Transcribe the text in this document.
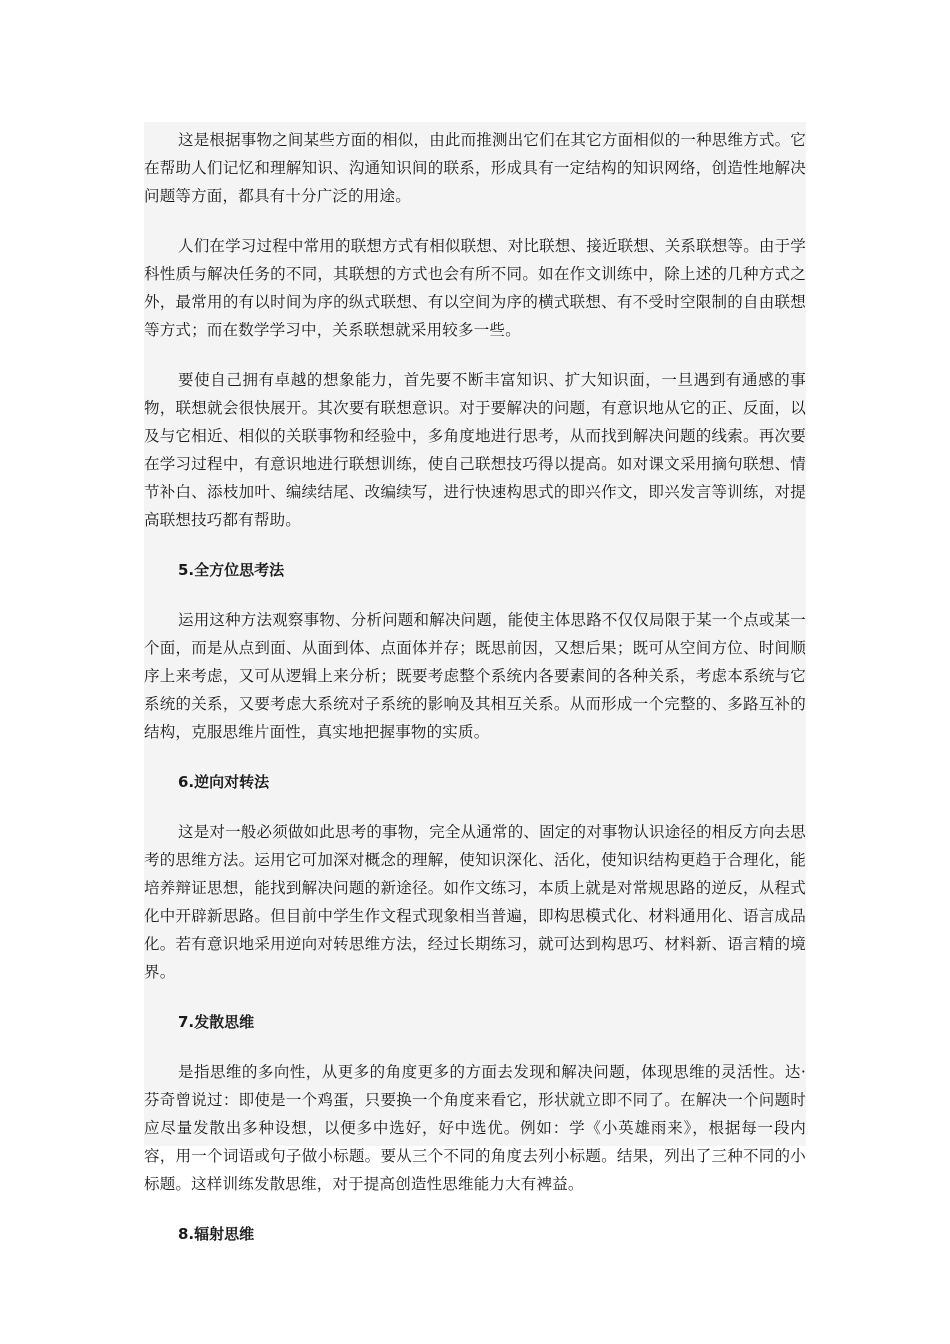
这是根据事物之间某些方面的相似，由此而推测出它们在其它方面相似的一种思维方式。它在帮助人们记忆和理解知识、沟通知识间的联系，形成具有一定结构的知识网络，创造性地解决问题等方面，都具有十分广泛的用途。

人们在学习过程中常用的联想方式有相似联想、对比联想、接近联想、关系联想等。由于学科性质与解决任务的不同，其联想的方式也会有所不同。如在作文训练中，除上述的几种方式之外，最常用的有以时间为序的纵式联想、有以空间为序的横式联想、有不受时空限制的自由联想等方式；而在数学学习中，关系联想就采用较多一些。

要使自己拥有卓越的想象能力，首先要不断丰富知识、扩大知识面，一旦遇到有通感的事物，联想就会很快展开。其次要有联想意识。对于要解决的问题，有意识地从它的正、反面，以及与它相近、相似的关联事物和经验中，多角度地进行思考，从而找到解决问题的线索。再次要在学习过程中，有意识地进行联想训练，使自己联想技巧得以提高。如对课文采用摘句联想、情节补白、添枝加叶、编续结尾、改编续写，进行快速构思式的即兴作文，即兴发言等训练，对提高联想技巧都有帮助。

5.全方位思考法

运用这种方法观察事物、分析问题和解决问题，能使主体思路不仅仅局限于某一个点或某一个面，而是从点到面、从面到体、点面体并存；既思前因，又想后果；既可从空间方位、时间顺序上来考虑，又可从逻辑上来分析；既要考虑整个系统内各要素间的各种关系，考虑本系统与它系统的关系，又要考虑大系统对子系统的影响及其相互关系。从而形成一个完整的、多路互补的结构，克服思维片面性，真实地把握事物的实质。

6.逆向对转法

这是对一般必须做如此思考的事物，完全从通常的、固定的对事物认识途径的相反方向去思考的思维方法。运用它可加深对概念的理解，使知识深化、活化，使知识结构更趋于合理化，能培养辩证思想，能找到解决问题的新途径。如作文练习，本质上就是对常规思路的逆反，从程式化中开辟新思路。但目前中学生作文程式现象相当普遍，即构思模式化、材料通用化、语言成品化。若有意识地采用逆向对转思维方法，经过长期练习，就可达到构思巧、材料新、语言精的境界。

7.发散思维

是指思维的多向性，从更多的角度更多的方面去发现和解决问题，体现思维的灵活性。达·芬奇曾说过：即使是一个鸡蛋，只要换一个角度来看它，形状就立即不同了。在解决一个问题时应尽量发散出多种设想，以便多中选好，好中选优。例如：学《小英雄雨来》，根据每一段内容，用一个词语或句子做小标题。要从三个不同的角度去列小标题。结果，列出了三种不同的小标题。这样训练发散思维，对于提高创造性思维能力大有裨益。

8.辐射思维
